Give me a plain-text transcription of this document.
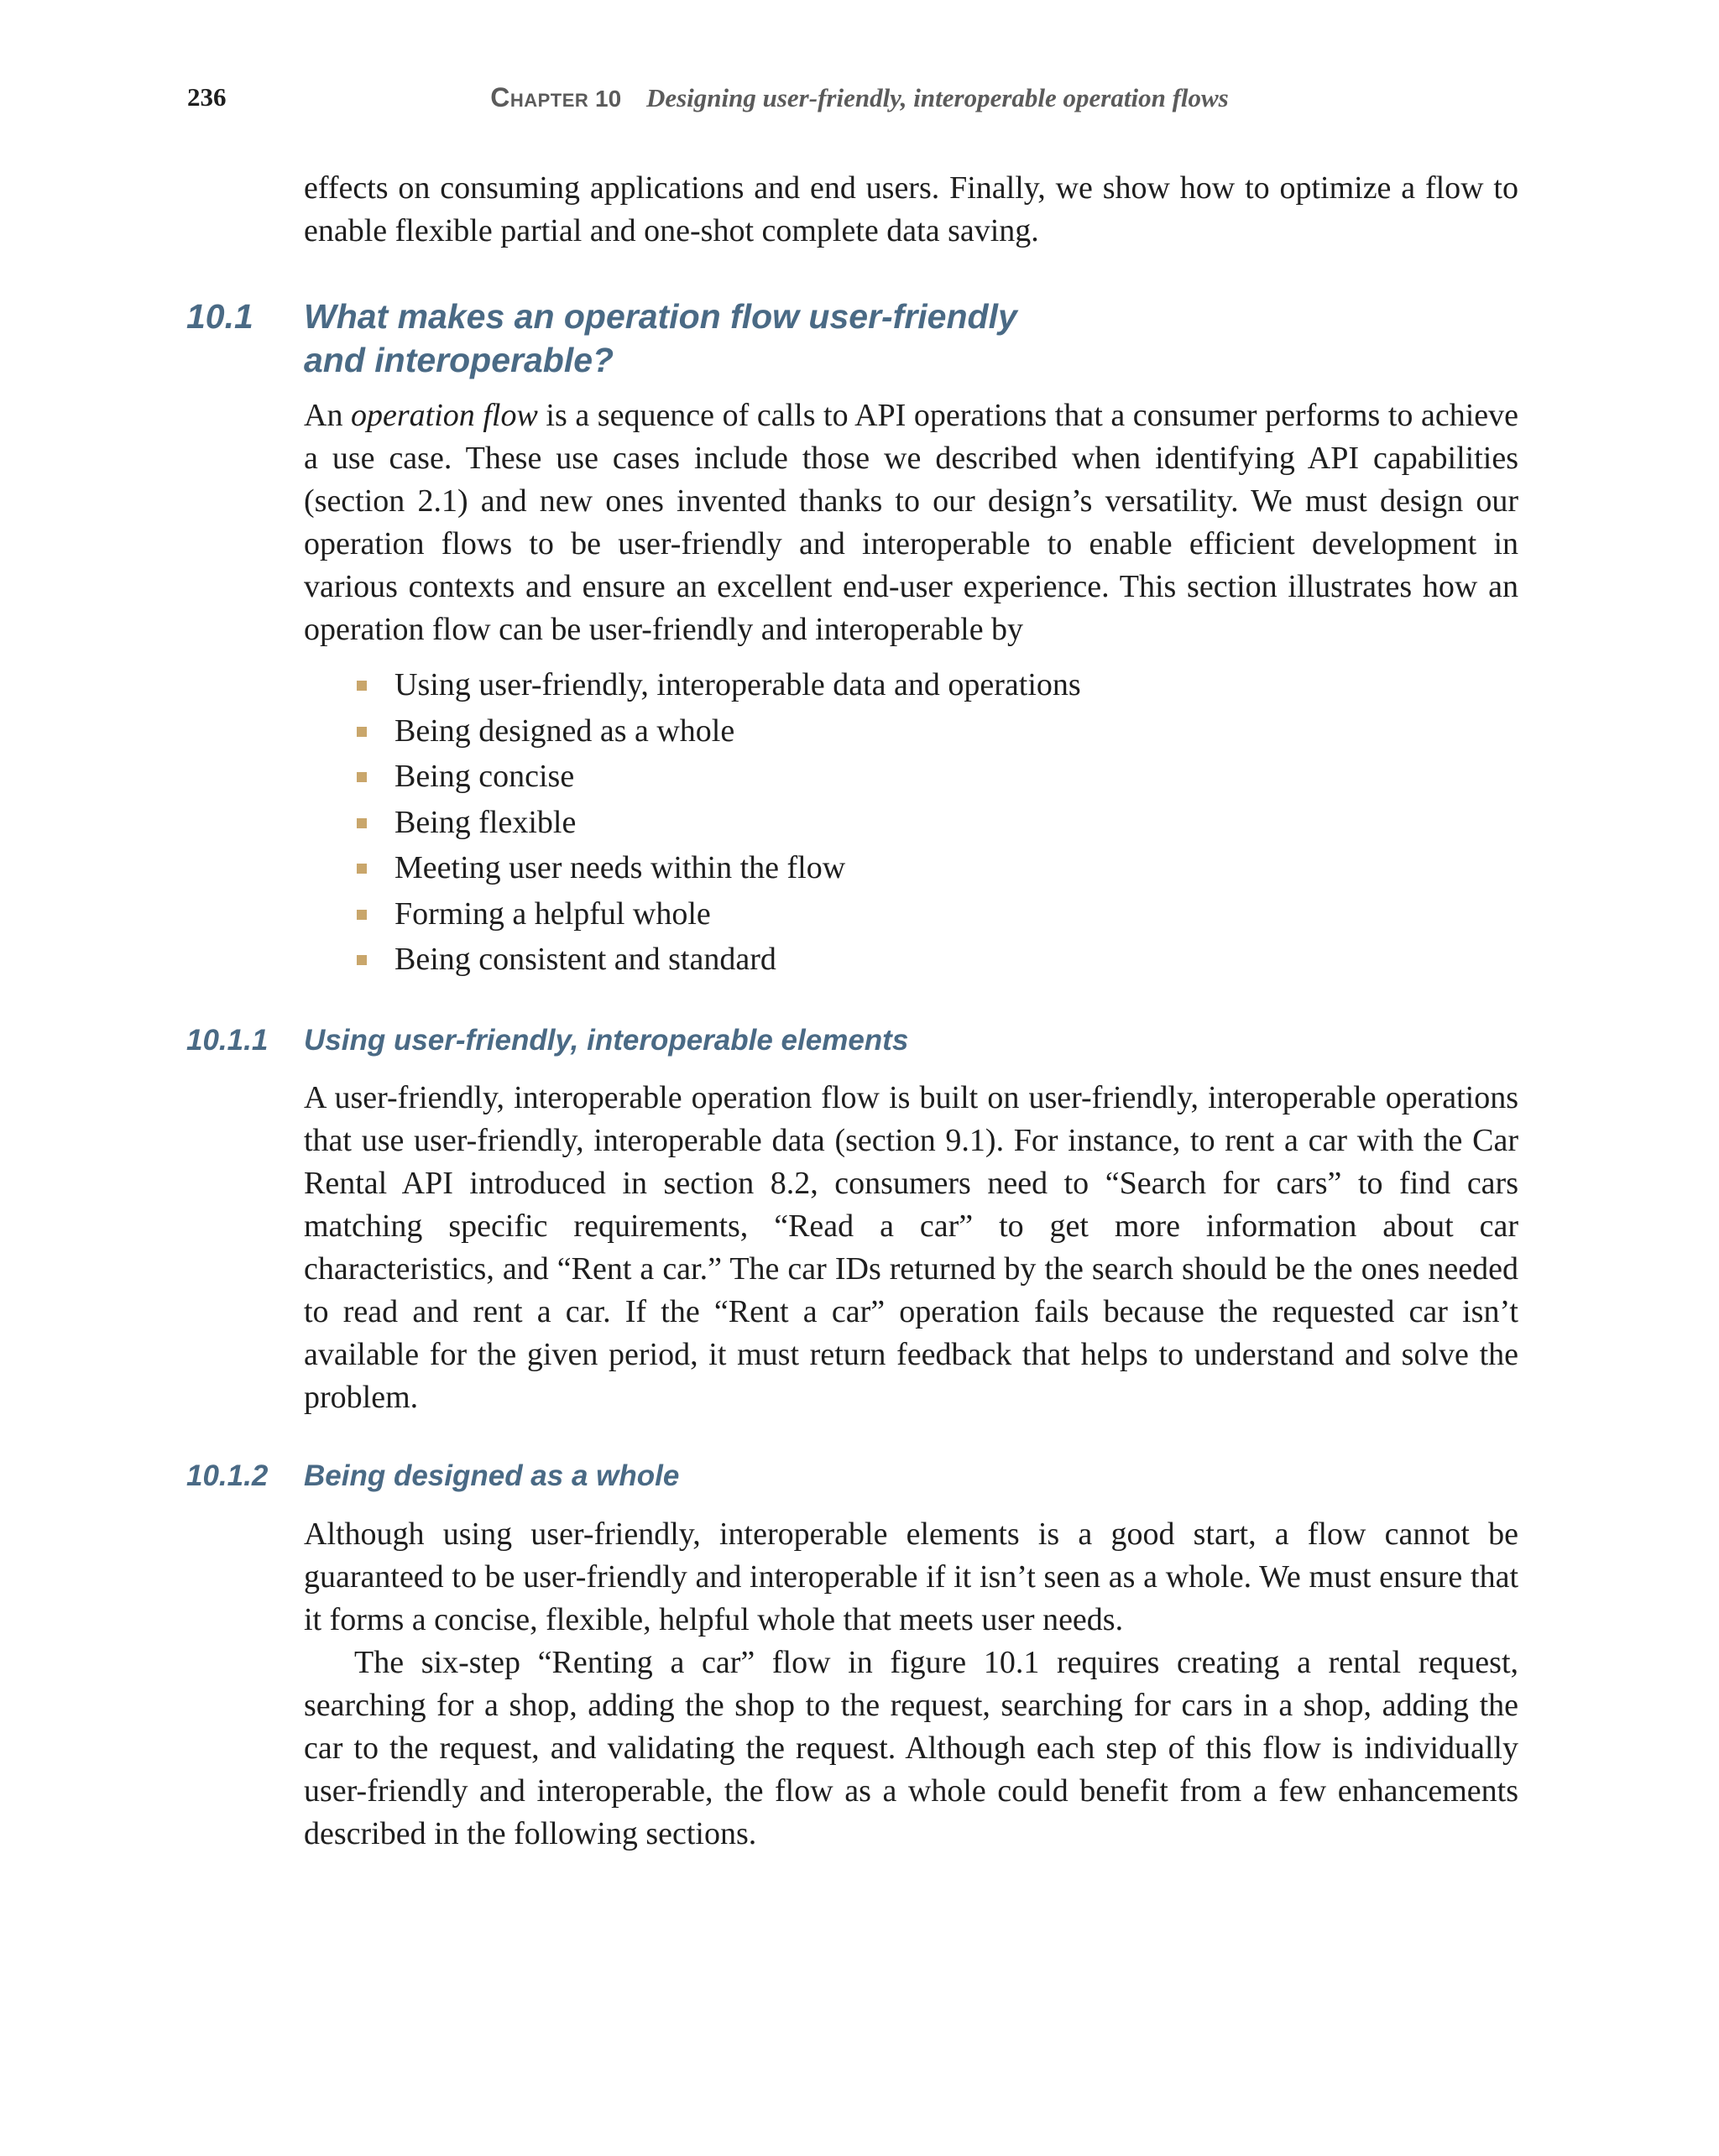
236	Chapter 10 Designing user-friendly, interoperable operation flows

effects on consuming applications and end users. Finally, we show how to optimize a flow to enable flexible partial and one-shot complete data saving.

10.1 What makes an operation flow user-friendly
and interoperable?

An operation flow is a sequence of calls to API operations that a consumer performs to achieve a use case. These use cases include those we described when identifying API capabilities (section 2.1) and new ones invented thanks to our design’s versatility. We must design our operation flows to be user-friendly and interoperable to enable efficient development in various contexts and ensure an excellent end-user experience. This section illustrates how an operation flow can be user-friendly and interoperable by

Using user-friendly, interoperable data and operations
Being designed as a whole
Being concise
Being flexible
Meeting user needs within the flow
Forming a helpful whole
Being consistent and standard
10.1.1 Using user-friendly, interoperable elements

A user-friendly, interoperable operation flow is built on user-friendly, interoperable operations that use user-friendly, interoperable data (section 9.1). For instance, to rent a car with the Car Rental API introduced in section 8.2, consumers need to “Search for cars” to find cars matching specific requirements, “Read a car” to get more information about car characteristics, and “Rent a car.” The car IDs returned by the search should be the ones needed to read and rent a car. If the “Rent a car” operation fails because the requested car isn’t available for the given period, it must return feedback that helps to understand and solve the problem.

10.1.2 Being designed as a whole

Although using user-friendly, interoperable elements is a good start, a flow cannot be guaranteed to be user-friendly and interoperable if it isn’t seen as a whole. We must ensure that it forms a concise, flexible, helpful whole that meets user needs.

The six-step “Renting a car” flow in figure 10.1 requires creating a rental request, searching for a shop, adding the shop to the request, searching for cars in a shop, adding the car to the request, and validating the request. Although each step of this flow is individually user-friendly and interoperable, the flow as a whole could benefit from a few enhancements described in the following sections.
